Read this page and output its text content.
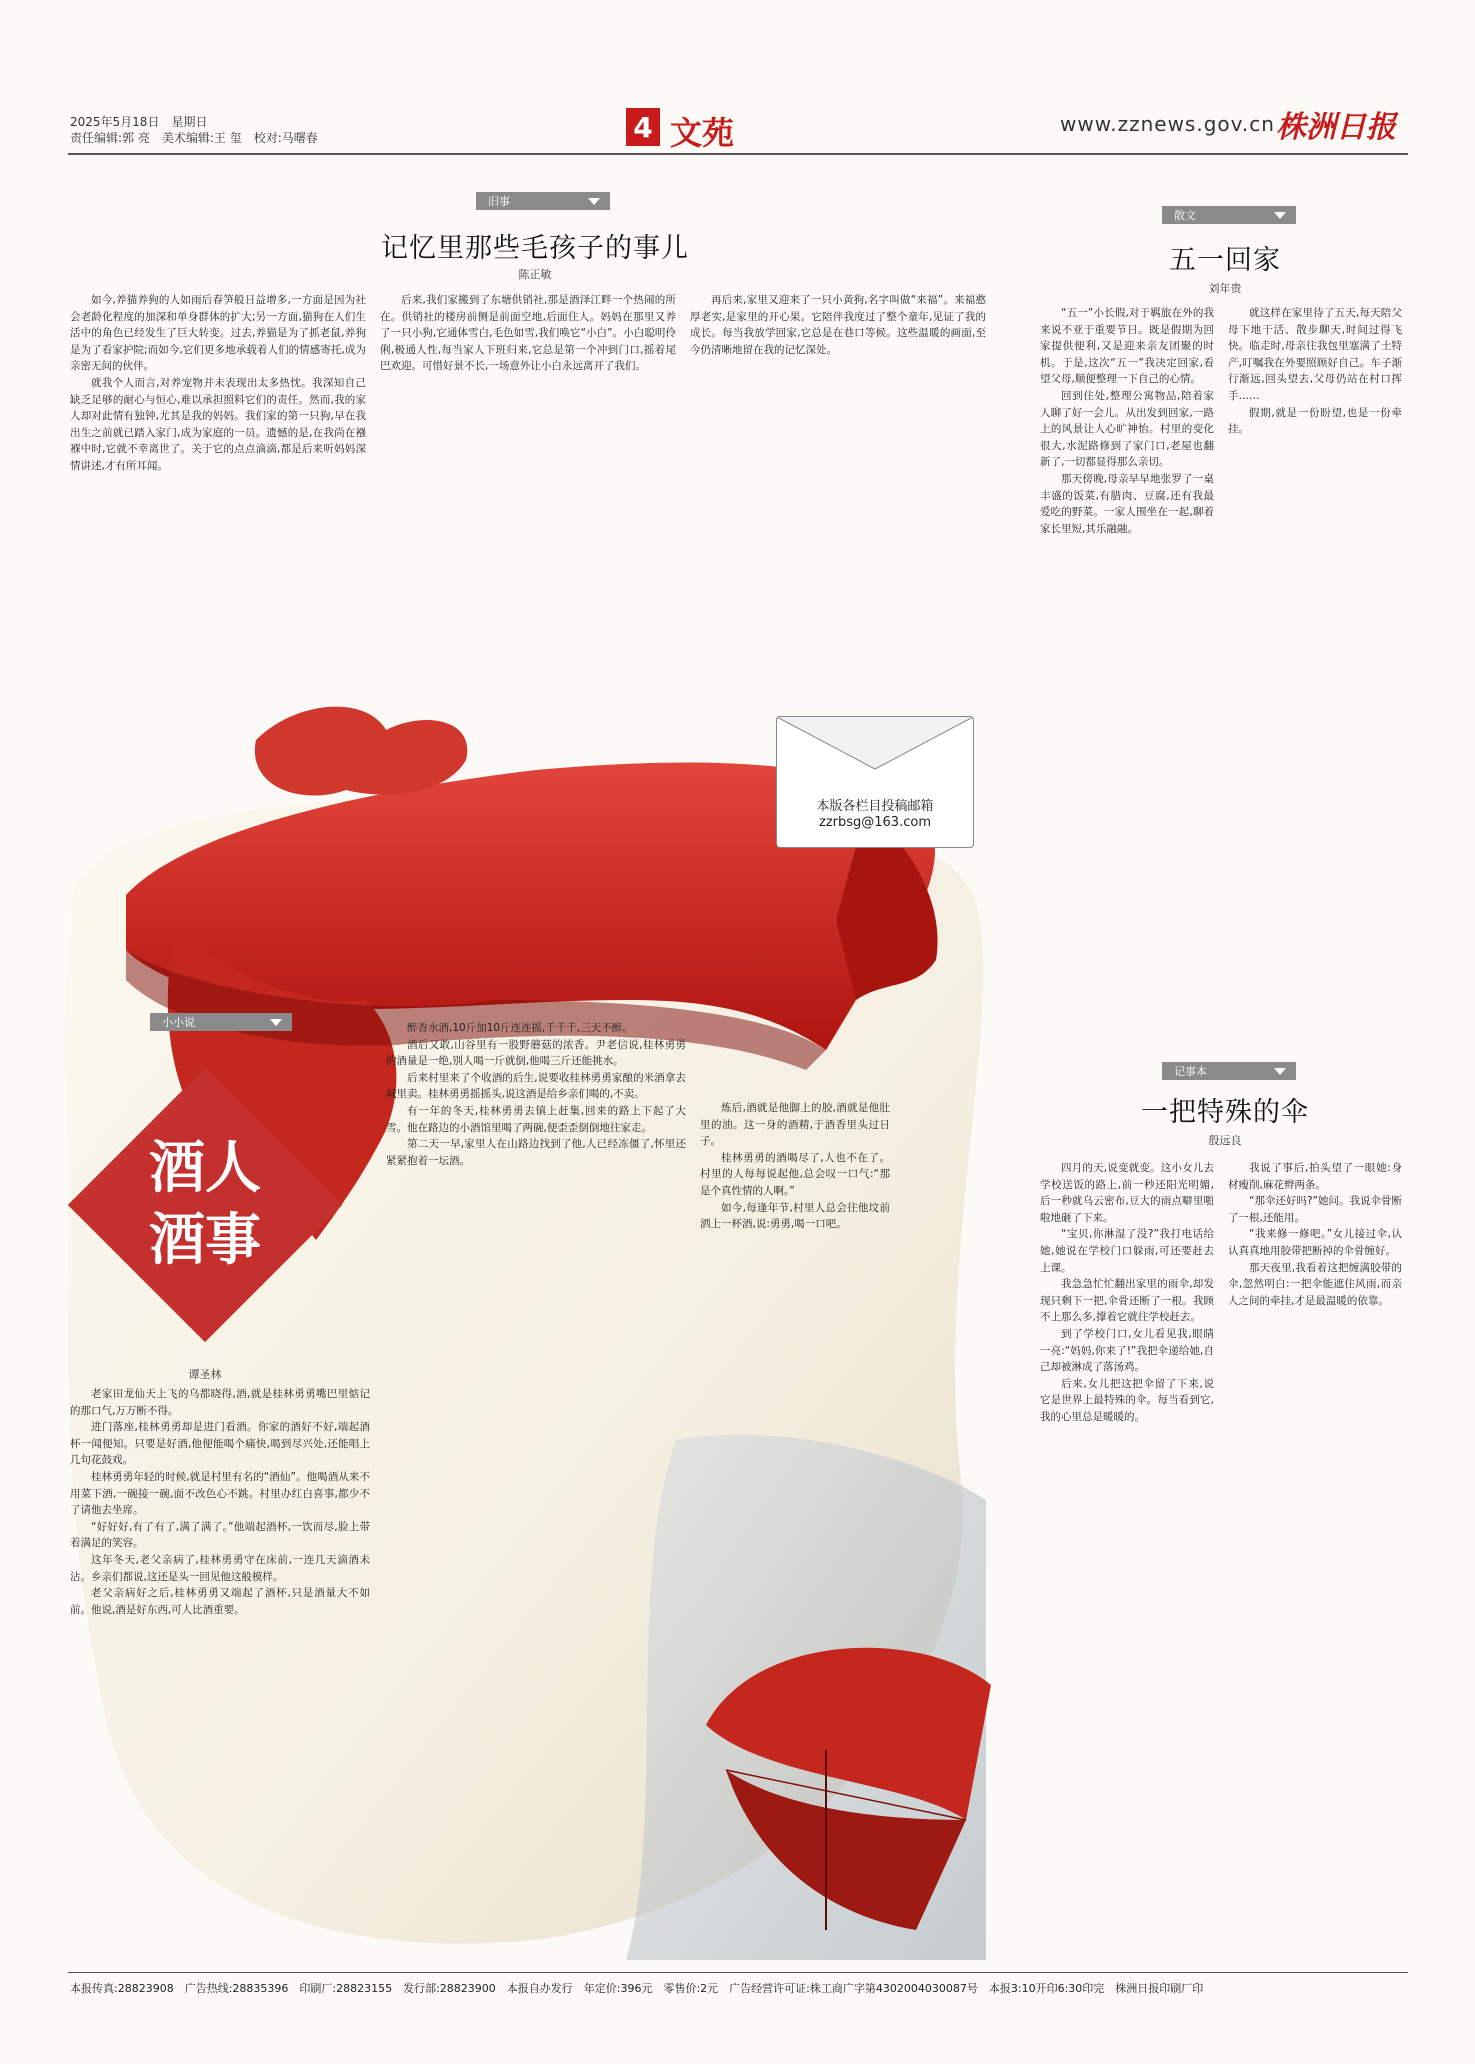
2025年5月18日　星期日
责任编辑:郭 亮　美术编辑:王 玺　校对:马曙春	4 文苑	www.zznews.gov.cn 株洲日报
旧事
记忆里那些毛孩子的事儿
陈正敏

如今,养猫养狗的人如雨后春笋般日益增多,一方面是因为社会老龄化程度的加深和单身群体的扩大;另一方面,猫狗在人们生活中的角色已经发生了巨大转变。过去,养猫是为了抓老鼠,养狗是为了看家护院;而如今,它们更多地承载着人们的情感寄托,成为亲密无间的伙伴。

就我个人而言,对养宠物并未表现出太多热忱。我深知自己缺乏足够的耐心与恒心,难以承担照料它们的责任。然而,我的家人却对此情有独钟,尤其是我的妈妈。我们家的第一只狗,早在我出生之前就已踏入家门,成为家庭的一员。遗憾的是,在我尚在襁褓中时,它就不幸离世了。关于它的点点滴滴,都是后来听妈妈深情讲述,才有所耳闻。

后来,我们家搬到了东塘供销社,那是酒泽江畔一个热闹的所在。供销社的楼房前侧是前面空地,后面住人。妈妈在那里又养了一只小狗,它通体雪白,毛色如雪,我们唤它“小白”。小白聪明伶俐,极通人性,每当家人下班归来,它总是第一个冲到门口,摇着尾巴欢迎。可惜好景不长,一场意外让小白永远离开了我们。

再后来,家里又迎来了一只小黄狗,名字叫做“来福”。来福憨厚老实,是家里的开心果。它陪伴我度过了整个童年,见证了我的成长。每当我放学回家,它总是在巷口等候。这些温暖的画面,至今仍清晰地留在我的记忆深处。

散文
五一回家
刘年贵

“五一”小长假,对于羁旅在外的我来说不亚于重要节日。既是假期为回家提供便利,又是迎来亲友团聚的时机。于是,这次“五一”我决定回家,看望父母,顺便整理一下自己的心情。

回到住处,整理公寓物品,陪着家人聊了好一会儿。从出发到回家,一路上的风景让人心旷神怡。村里的变化很大,水泥路修到了家门口,老屋也翻新了,一切都显得那么亲切。

那天傍晚,母亲早早地张罗了一桌丰盛的饭菜,有腊肉、豆腐,还有我最爱吃的野菜。一家人围坐在一起,聊着家长里短,其乐融融。

就这样在家里待了五天,每天陪父母下地干活、散步聊天,时间过得飞快。临走时,母亲往我包里塞满了土特产,叮嘱我在外要照顾好自己。车子渐行渐远,回头望去,父母仍站在村口挥手……

假期,就是一份盼望,也是一份牵挂。

本版各栏目投稿邮箱
zzrbsg@163.com
小小说
酒人
酒事
谭圣林

老家田龙仙天上飞的乌都晓得,酒,就是桂林勇勇嘴巴里惦记的那口气,万万断不得。

进门落座,桂林勇勇却是进门看酒。你家的酒好不好,端起酒杯一闻便知。只要是好酒,他便能喝个痛快,喝到尽兴处,还能唱上几句花鼓戏。

桂林勇勇年轻的时候,就是村里有名的“酒仙”。他喝酒从来不用菜下酒,一碗接一碗,面不改色心不跳。村里办红白喜事,都少不了请他去坐席。

“好好好,有了有了,满了满了。”他端起酒杯,一饮而尽,脸上带着满足的笑容。

这年冬天,老父亲病了,桂林勇勇守在床前,一连几天滴酒未沾。乡亲们都说,这还是头一回见他这般模样。

老父亲病好之后,桂林勇勇又端起了酒杯,只是酒量大不如前。他说,酒是好东西,可人比酒重要。

醉香水酒,10斤加10斤连连摇,千千千,三天不醉。

酒后又敢,山谷里有一股野蘑菇的浓香。尹老信说,桂林勇勇的酒量是一绝,别人喝一斤就倒,他喝三斤还能挑水。

后来村里来了个收酒的后生,说要收桂林勇勇家酿的米酒拿去城里卖。桂林勇勇摇摇头,说这酒是给乡亲们喝的,不卖。

有一年的冬天,桂林勇勇去镇上赶集,回来的路上下起了大雪。他在路边的小酒馆里喝了两碗,便歪歪倒倒地往家走。

第二天一早,家里人在山路边找到了他,人已经冻僵了,怀里还紧紧抱着一坛酒。

炼后,酒就是他脚上的胶,酒就是他肚里的油。这一身的酒精,于酒香里头过日子。

桂林勇勇的酒喝尽了,人也不在了。村里的人每每说起他,总会叹一口气:“那是个真性情的人啊。”

如今,每逢年节,村里人总会往他坟前洒上一杯酒,说:勇勇,喝一口吧。

记事本
一把特殊的伞
殷远良

四月的天,说变就变。这小女儿去学校送饭的路上,前一秒还阳光明媚,后一秒就乌云密布,豆大的雨点噼里啪啦地砸了下来。

“宝贝,你淋湿了没?”我打电话给她,她说在学校门口躲雨,可还要赶去上课。

我急急忙忙翻出家里的雨伞,却发现只剩下一把,伞骨还断了一根。我顾不上那么多,撑着它就往学校赶去。

到了学校门口,女儿看见我,眼睛一亮:“妈妈,你来了!”我把伞递给她,自己却被淋成了落汤鸡。

后来,女儿把这把伞留了下来,说它是世界上最特殊的伞。每当看到它,我的心里总是暖暖的。

我说了事后,拍头望了一眼她:身材瘦削,麻花辫两条。

“那伞还好吗?”她问。我说伞骨断了一根,还能用。

“我来修一修吧。”女儿接过伞,认认真真地用胶带把断掉的伞骨缠好。

那天夜里,我看着这把缠满胶带的伞,忽然明白:一把伞能遮住风雨,而亲人之间的牵挂,才是最温暖的依靠。

本报传真:28823908　广告热线:28835396　印刷厂:28823155　发行部:28823900　本报自办发行　年定价:396元　零售价:2元　广告经营许可证:株工商广字第4302004030087号　本报3:10开印6:30印完　株洲日报印刷厂印
